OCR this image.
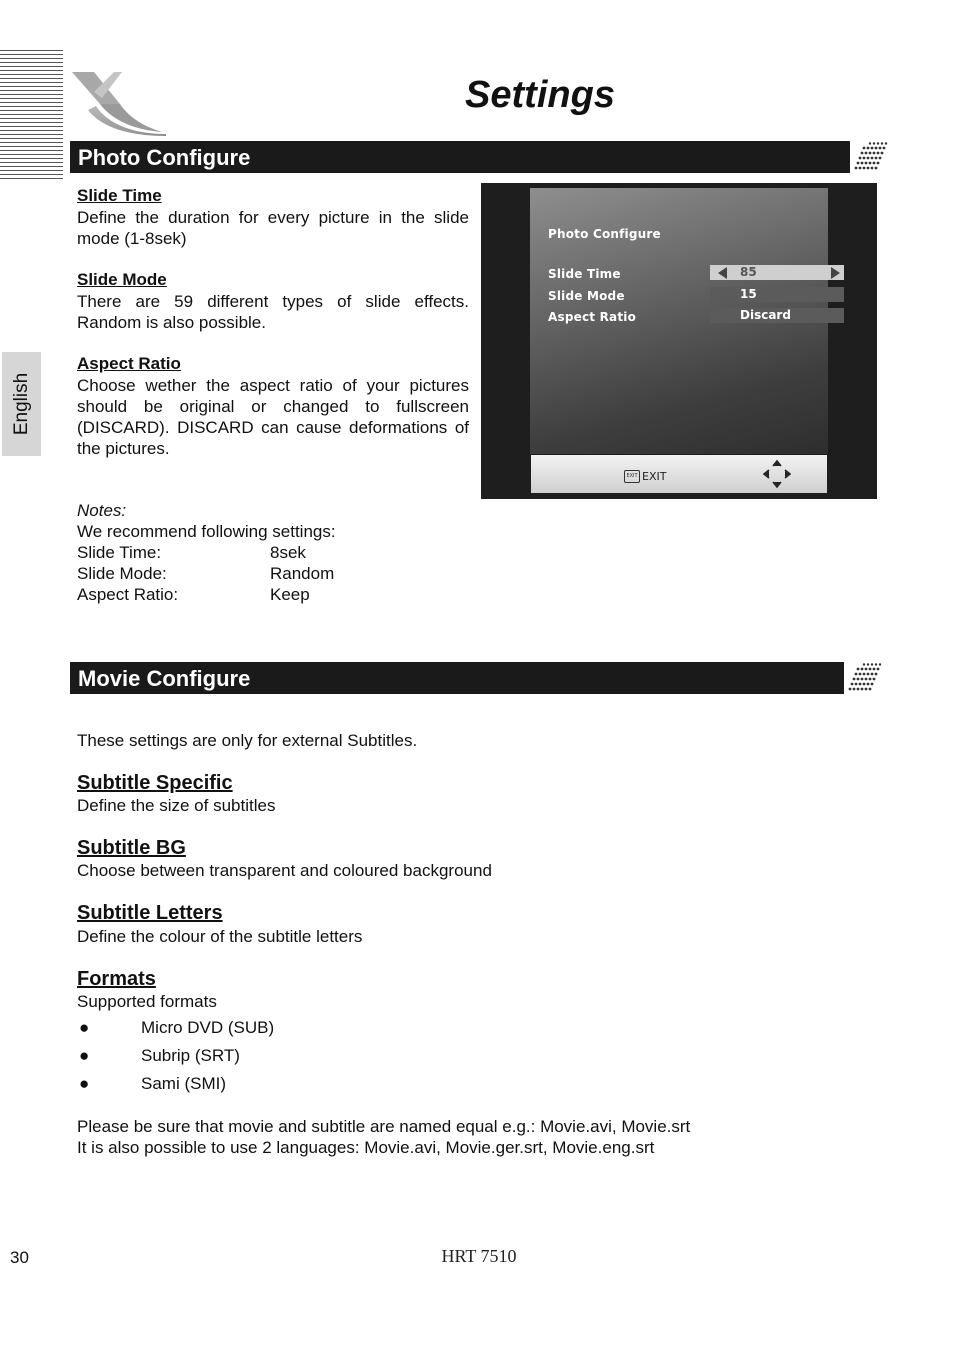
Settings
English
Photo Configure
Slide Time
Define the duration for every picture in the slide mode (1-8sek)
Slide Mode
There are 59 different types of slide effects. Random is also possible.
Aspect Ratio
Choose wether the aspect ratio of your pictures should be original or changed to fullscreen (DISCARD). DISCARD can cause deformations of the pictures.
Photo Configure
Slide Time	85
Slide Mode	15
Aspect Ratio	Discard
EXIT EXIT
Notes:
We recommend following settings:
Slide Time:	8sek
Slide Mode:	Random
Aspect Ratio:	Keep
Movie Configure
These settings are only for external Subtitles.
Subtitle Specific
Define the size of subtitles
Subtitle BG
Choose between transparent and coloured background
Subtitle Letters
Define the colour of the subtitle letters
Formats
Supported formats
●	Micro DVD (SUB)
●	Subrip (SRT)
●	Sami (SMI)
Please be sure that movie and subtitle are named equal e.g.: Movie.avi, Movie.srt
It is also possible to use 2 languages: Movie.avi, Movie.ger.srt, Movie.eng.srt
30	HRT 7510
